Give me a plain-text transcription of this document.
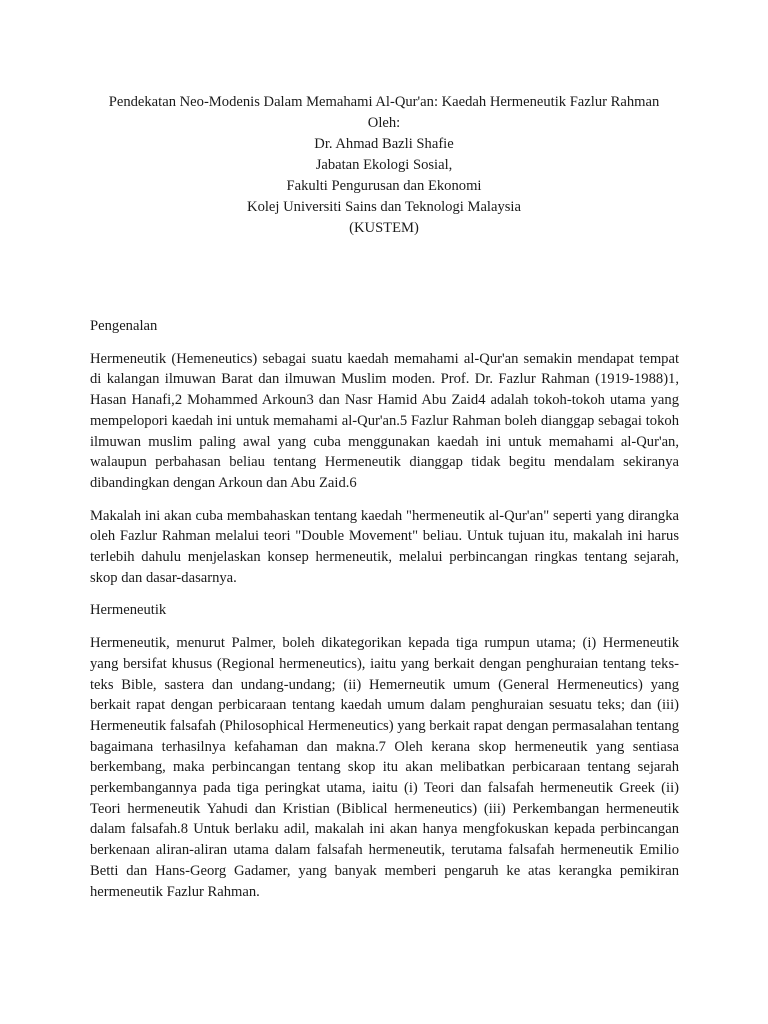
Pendekatan Neo-Modenis Dalam Memahami Al-Qur'an: Kaedah Hermeneutik Fazlur Rahman
Oleh:
Dr. Ahmad Bazli Shafie
Jabatan Ekologi Sosial,
Fakulti Pengurusan dan Ekonomi
Kolej Universiti Sains dan Teknologi Malaysia
(KUSTEM)
Pengenalan

Hermeneutik (Hemeneutics) sebagai suatu kaedah memahami al-Qur'an semakin mendapat tempat di kalangan ilmuwan Barat dan ilmuwan Muslim moden. Prof. Dr. Fazlur Rahman (1919-1988)1, Hasan Hanafi,2 Mohammed Arkoun3 dan Nasr Hamid Abu Zaid4 adalah tokoh-tokoh utama yang mempelopori kaedah ini untuk memahami al-Qur'an.5 Fazlur Rahman boleh dianggap sebagai tokoh ilmuwan muslim paling awal yang cuba menggunakan kaedah ini untuk memahami al-Qur'an, walaupun perbahasan beliau tentang Hermeneutik dianggap tidak begitu mendalam sekiranya dibandingkan dengan Arkoun dan Abu Zaid.6

Makalah ini akan cuba membahaskan tentang kaedah "hermeneutik al-Qur'an" seperti yang dirangka oleh Fazlur Rahman melalui teori "Double Movement" beliau. Untuk tujuan itu, makalah ini harus terlebih dahulu menjelaskan konsep hermeneutik, melalui perbincangan ringkas tentang sejarah, skop dan dasar-dasarnya.

Hermeneutik

Hermeneutik, menurut Palmer, boleh dikategorikan kepada tiga rumpun utama; (i) Hermeneutik yang bersifat khusus (Regional hermeneutics), iaitu yang berkait dengan penghuraian tentang teks-teks Bible, sastera dan undang-undang; (ii) Hemerneutik umum (General Hermeneutics) yang berkait rapat dengan perbicaraan tentang kaedah umum dalam penghuraian sesuatu teks; dan (iii) Hermeneutik falsafah (Philosophical Hermeneutics) yang berkait rapat dengan permasalahan tentang bagaimana terhasilnya kefahaman dan makna.7 Oleh kerana skop hermeneutik yang sentiasa berkembang, maka perbincangan tentang skop itu akan melibatkan perbicaraan tentang sejarah perkembangannya pada tiga peringkat utama, iaitu (i) Teori dan falsafah hermeneutik Greek (ii) Teori hermeneutik Yahudi dan Kristian (Biblical hermeneutics) (iii) Perkembangan hermeneutik dalam falsafah.8 Untuk berlaku adil, makalah ini akan hanya mengfokuskan kepada perbincangan berkenaan aliran-aliran utama dalam falsafah hermeneutik, terutama falsafah hermeneutik Emilio Betti dan Hans-Georg Gadamer, yang banyak memberi pengaruh ke atas kerangka pemikiran hermeneutik Fazlur Rahman.
